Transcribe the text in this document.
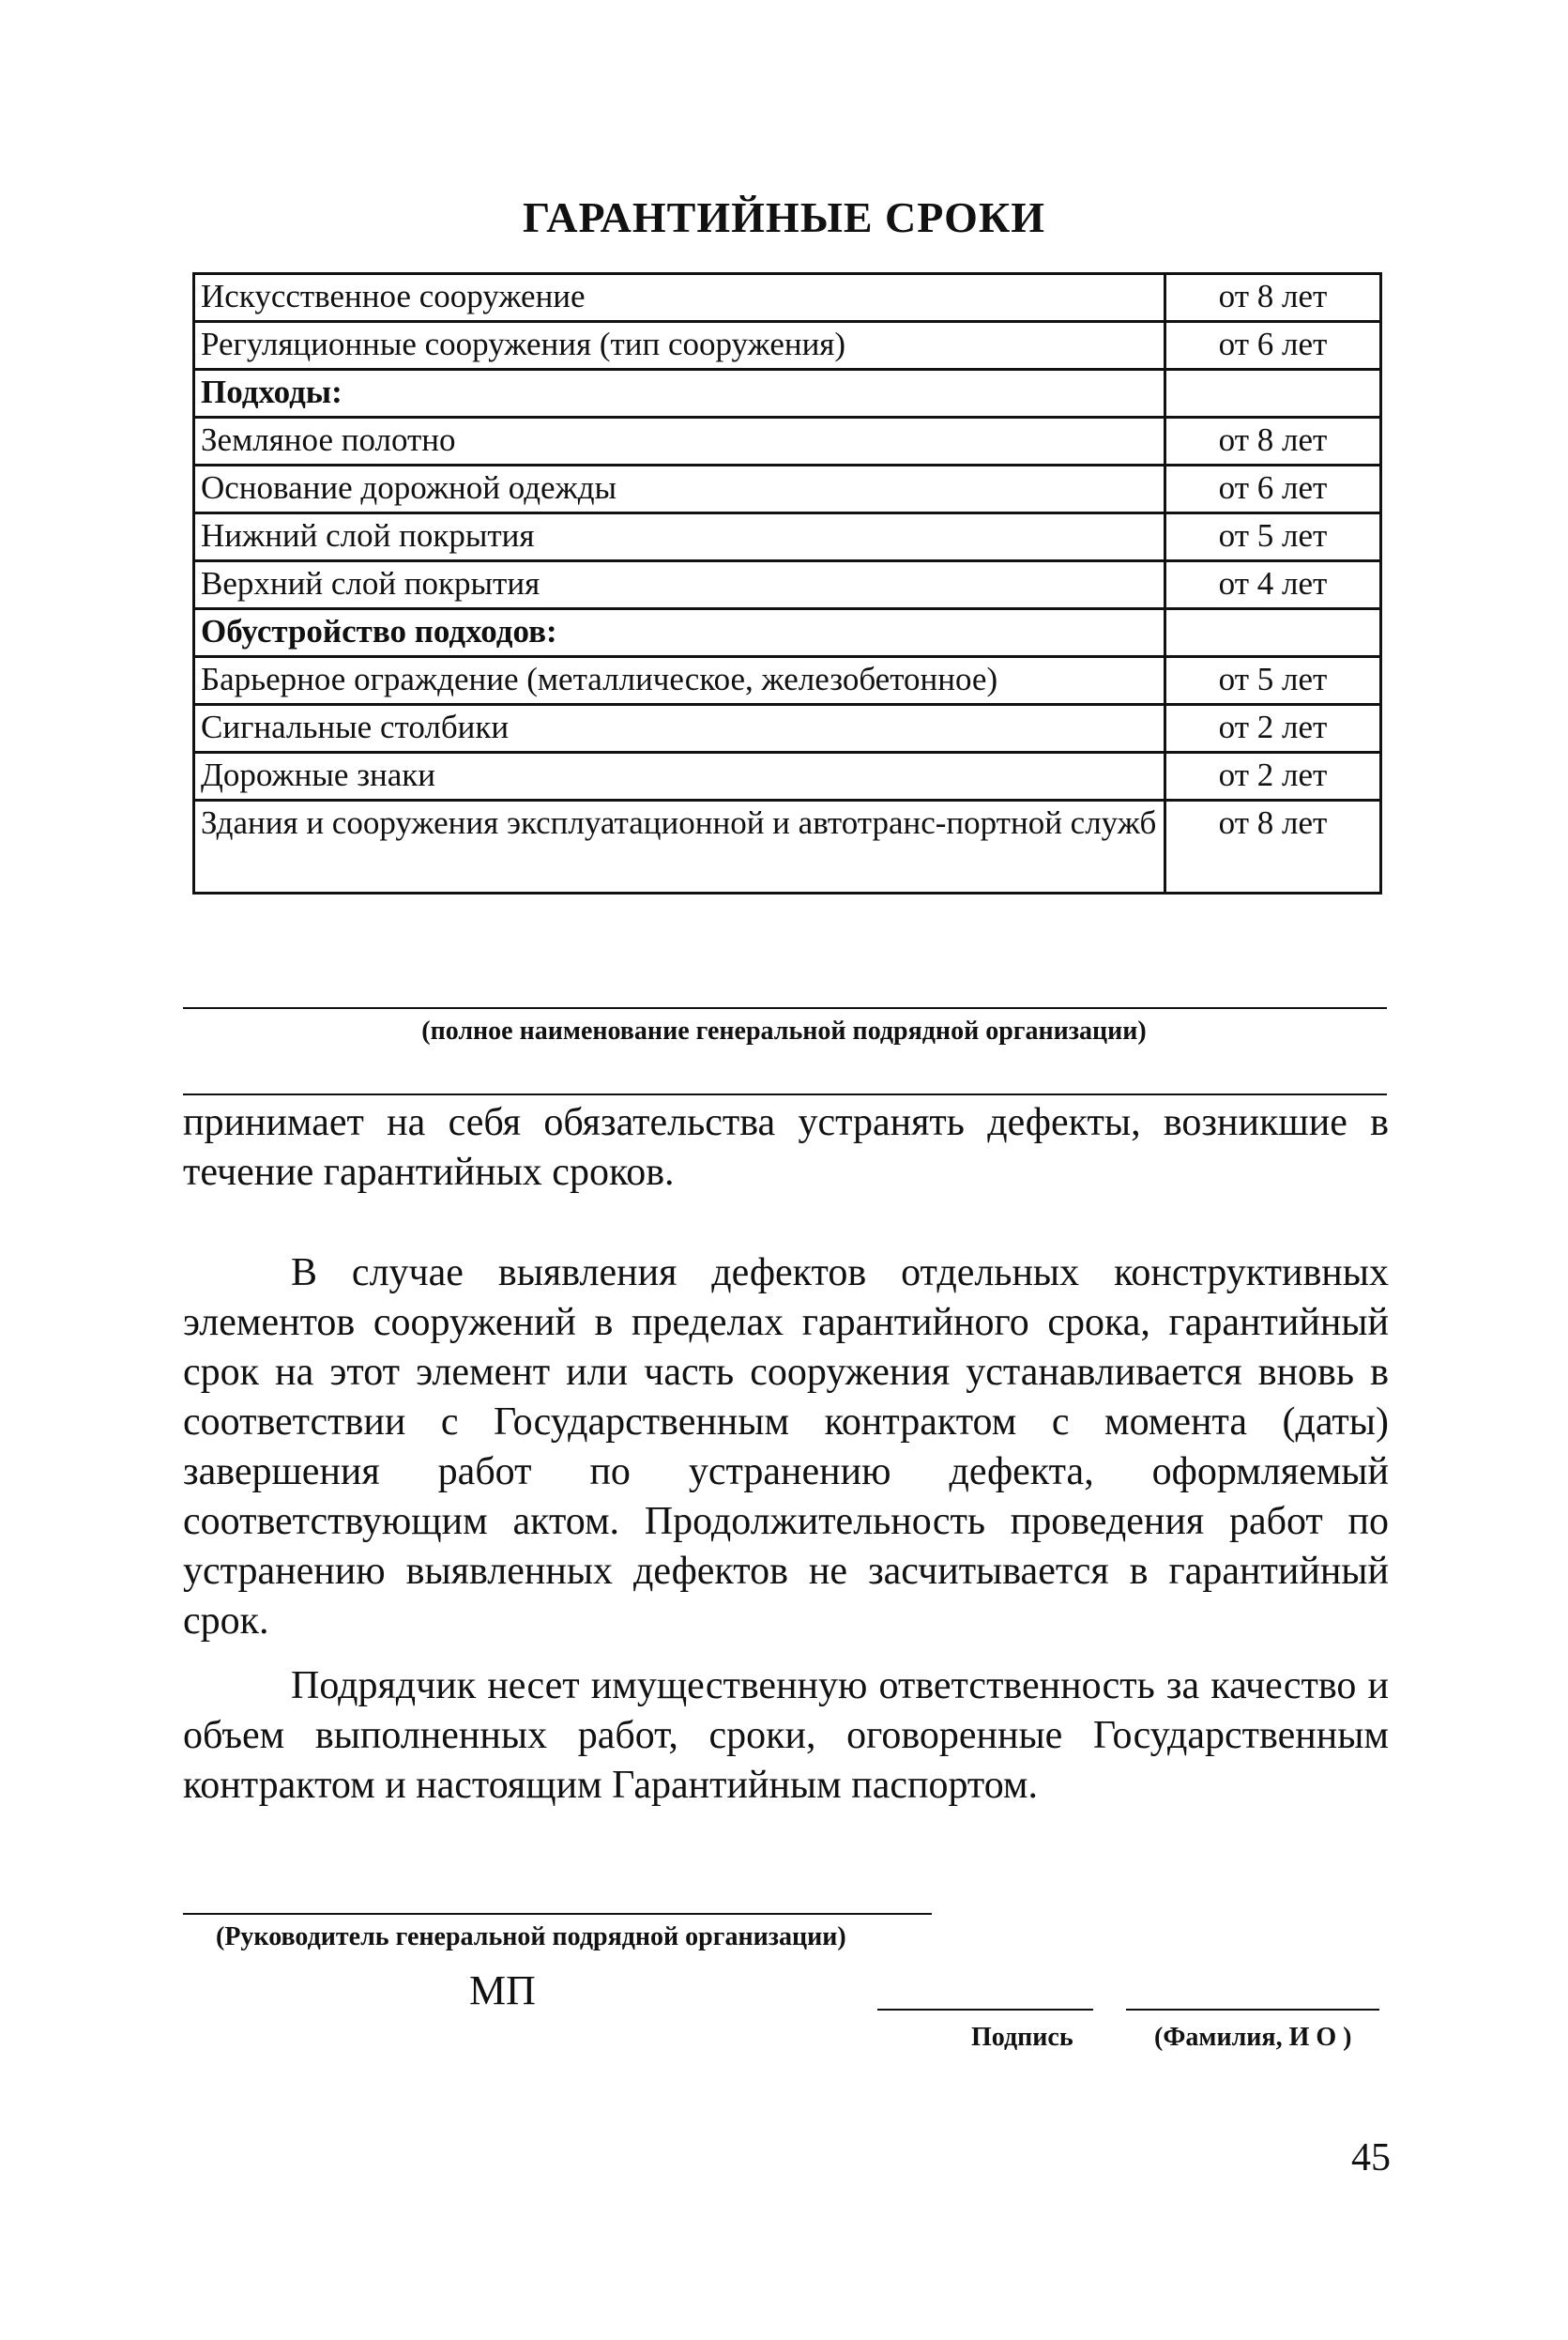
ГАРАНТИЙНЫЕ СРОКИ
Искусственное сооружение	от 8 лет
Регуляционные сооружения (тип сооружения)	от 6 лет
Подходы:	
Земляное полотно	от 8 лет
Основание дорожной одежды	от 6 лет
Нижний слой покрытия	от 5 лет
Верхний слой покрытия	от 4 лет
Обустройство подходов:	
Барьерное ограждение (металлическое, железобетонное)	от 5 лет
Сигнальные столбики	от 2 лет
Дорожные знаки	от 2 лет
Здания и сооружения эксплуатационной и автотранс-портной служб	от 8 лет
(полное наименование генеральной подрядной организации)

принимает на себя обязательства устранять дефекты, возникшие в течение гарантийных сроков.

В случае выявления дефектов отдельных конструктивных элементов сооружений в пределах гарантийного срока, гарантийный срок на этот элемент или часть сооружения устанавливается вновь в соответствии с Государственным контрактом с момента (даты) завершения работ по устранению дефекта, оформляемый соответствующим актом. Продолжительность проведения работ по устранению выявленных дефектов не засчитывается в гарантийный срок.

Подрядчик несет имущественную ответственность за качество и объем выполненных работ, сроки, оговоренные Государственным контрактом и настоящим Гарантийным паспортом.

(Руководитель генеральной подрядной организации)
МП
Подпись	(Фамилия, И О )
45
